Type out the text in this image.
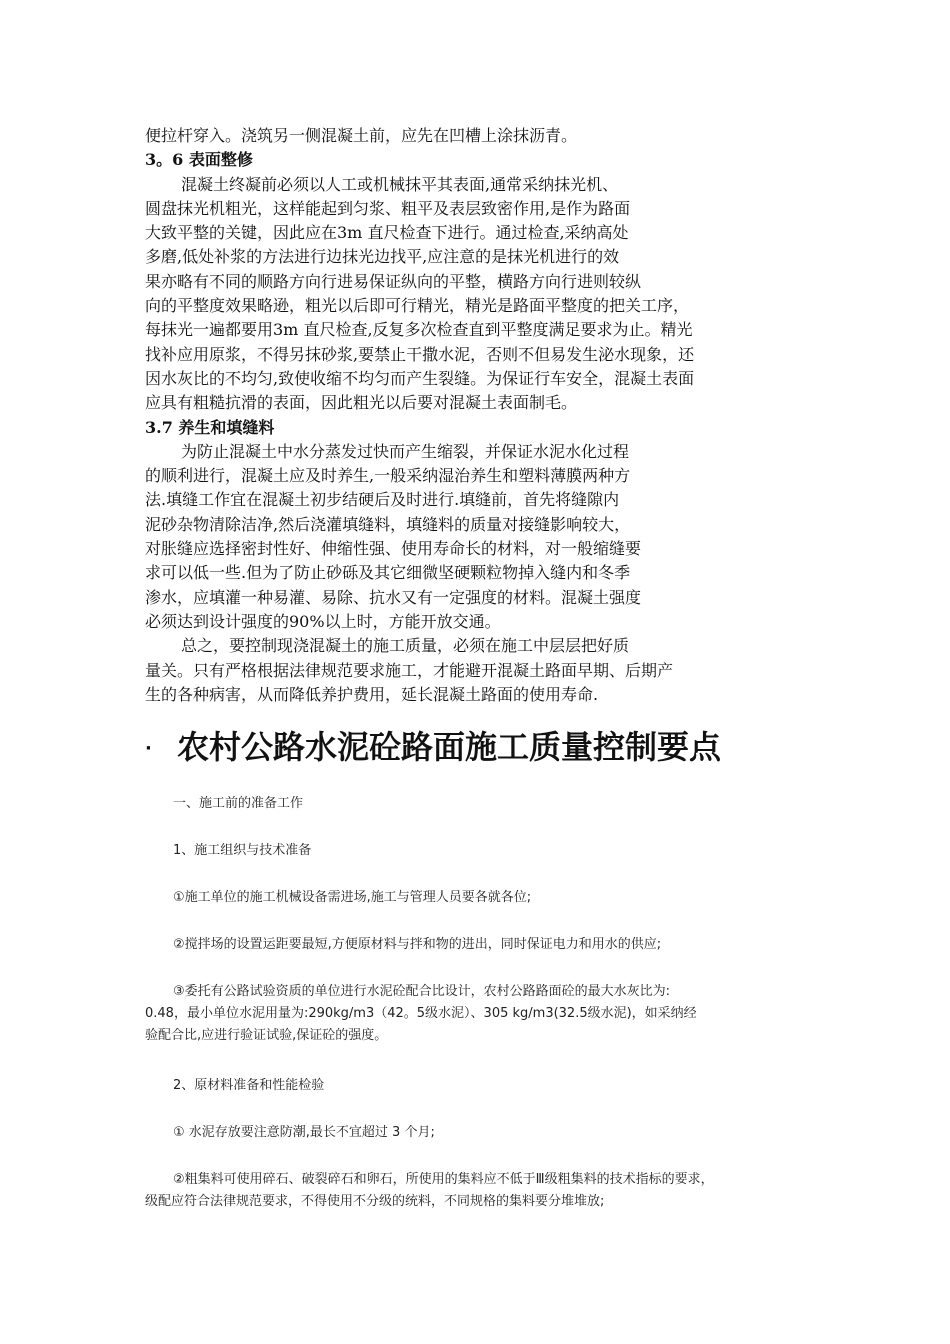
便拉杆穿入。浇筑另一侧混凝土前，应先在凹槽上涂抹沥青。
3。6 表面整修
混凝土终凝前必须以人工或机械抹平其表面,通常采纳抹光机、
圆盘抹光机粗光，这样能起到匀浆、粗平及表层致密作用,是作为路面
大致平整的关键，因此应在3m 直尺检查下进行。通过检查,采纳高处
多磨,低处补浆的方法进行边抹光边找平,应注意的是抹光机进行的效
果亦略有不同的顺路方向行进易保证纵向的平整，横路方向行进则较纵
向的平整度效果略逊，粗光以后即可行精光，精光是路面平整度的把关工序，
每抹光一遍都要用3m 直尺检查,反复多次检查直到平整度满足要求为止。精光
找补应用原浆，不得另抹砂浆,要禁止干撒水泥，否则不但易发生泌水现象，还
因水灰比的不均匀,致使收缩不均匀而产生裂缝。为保证行车安全，混凝土表面
应具有粗糙抗滑的表面，因此粗光以后要对混凝土表面制毛。
3.7 养生和填缝料
为防止混凝土中水分蒸发过快而产生缩裂，并保证水泥水化过程
的顺利进行，混凝土应及时养生,一般采纳湿治养生和塑料薄膜两种方
法.填缝工作宜在混凝土初步结硬后及时进行.填缝前，首先将缝隙内
泥砂杂物清除洁净,然后浇灌填缝料，填缝料的质量对接缝影响较大，
对胀缝应选择密封性好、伸缩性强、使用寿命长的材料，对一般缩缝要
求可以低一些.但为了防止砂砾及其它细微坚硬颗粒物掉入缝内和冬季
渗水，应填灌一种易灌、易除、抗水又有一定强度的材料。混凝土强度
必须达到设计强度的90%以上时，方能开放交通。
总之，要控制现浇混凝土的施工质量，必须在施工中层层把好质
量关。只有严格根据法律规范要求施工，才能避开混凝土路面早期、后期产
生的各种病害，从而降低养护费用，延长混凝土路面的使用寿命.
· 农村公路水泥砼路面施工质量控制要点
一、施工前的准备工作
1、施工组织与技术准备
①施工单位的施工机械设备需进场,施工与管理人员要各就各位;
②搅拌场的设置运距要最短,方便原材料与拌和物的进出，同时保证电力和用水的供应;
③委托有公路试验资质的单位进行水泥砼配合比设计，农村公路路面砼的最大水灰比为:
0.48，最小单位水泥用量为:290kg/m3（42。5级水泥）、305 kg/m3(32.5级水泥)，如采纳经
验配合比,应进行验证试验,保证砼的强度。
2、原材料准备和性能检验
① 水泥存放要注意防潮,最长不宜超过 3 个月;
②粗集料可使用碎石、破裂碎石和卵石，所使用的集料应不低于Ⅲ级粗集料的技术指标的要求，
级配应符合法律规范要求，不得使用不分级的统料，不同规格的集料要分堆堆放;
